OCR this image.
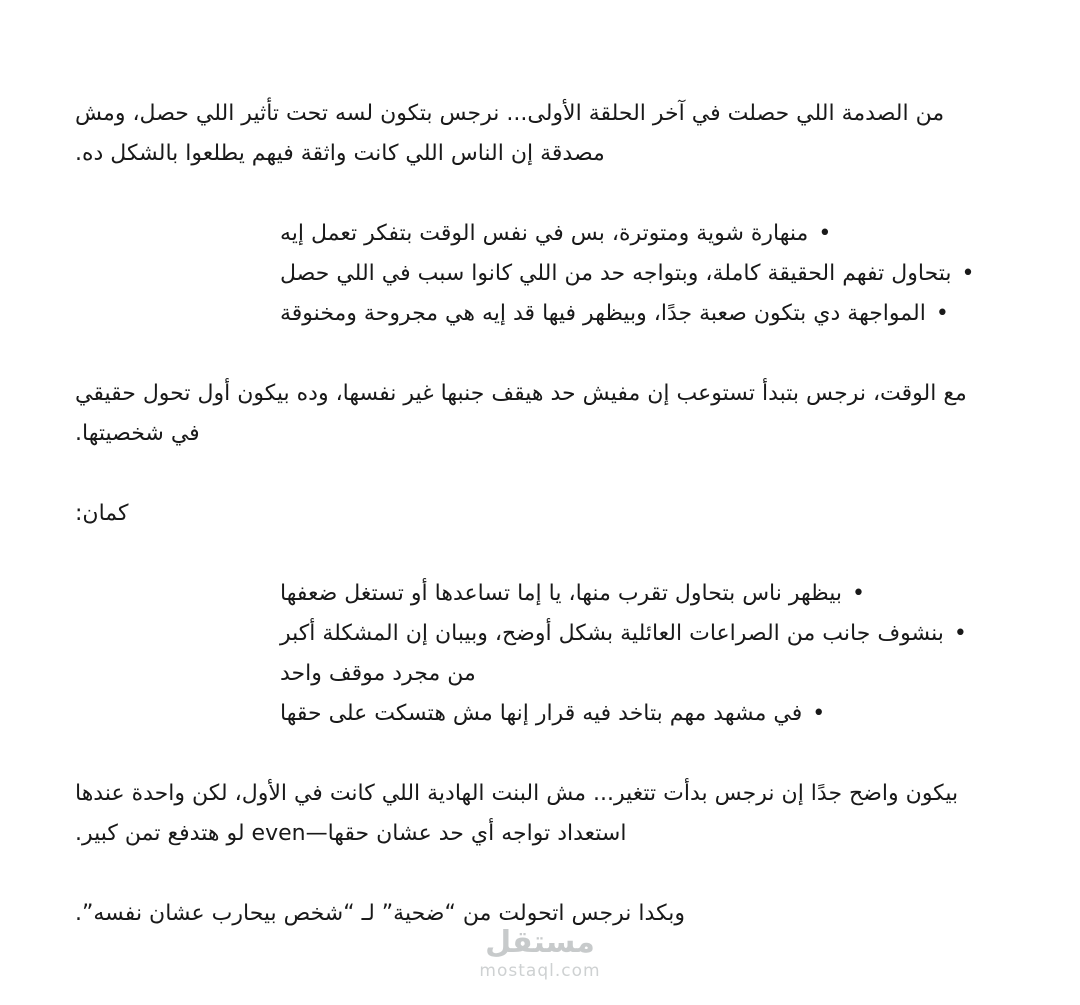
من الصدمة اللي حصلت في آخر الحلقة الأولى... نرجس بتكون لسه تحت تأثير اللي حصل، ومش مصدقة إن الناس اللي كانت واثقة فيهم يطلعوا بالشكل ده.

•منهارة شوية ومتوترة، بس في نفس الوقت بتفكر تعمل إيه
•بتحاول تفهم الحقيقة كاملة، وبتواجه حد من اللي كانوا سبب في اللي حصل
•المواجهة دي بتكون صعبة جدًا، وبيظهر فيها قد إيه هي مجروحة ومخنوقة

مع الوقت، نرجس بتبدأ تستوعب إن مفيش حد هيقف جنبها غير نفسها، وده بيكون أول تحول حقيقي في شخصيتها.

كمان:

•بيظهر ناس بتحاول تقرب منها، يا إما تساعدها أو تستغل ضعفها
•بنشوف جانب من الصراعات العائلية بشكل أوضح، وبيبان إن المشكلة أكبر من مجرد موقف واحد
•في مشهد مهم بتاخد فيه قرار إنها مش هتسكت على حقها

بيكون واضح جدًا إن نرجس بدأت تتغير... مش البنت الهادية اللي كانت في الأول، لكن واحدة عندها استعداد تواجه أي حد عشان حقها—even لو هتدفع تمن كبير.

وبكدا نرجس اتحولت من “ضحية” لـ “شخص بيحارب عشان نفسه”.

مستقل
mostaql.com
